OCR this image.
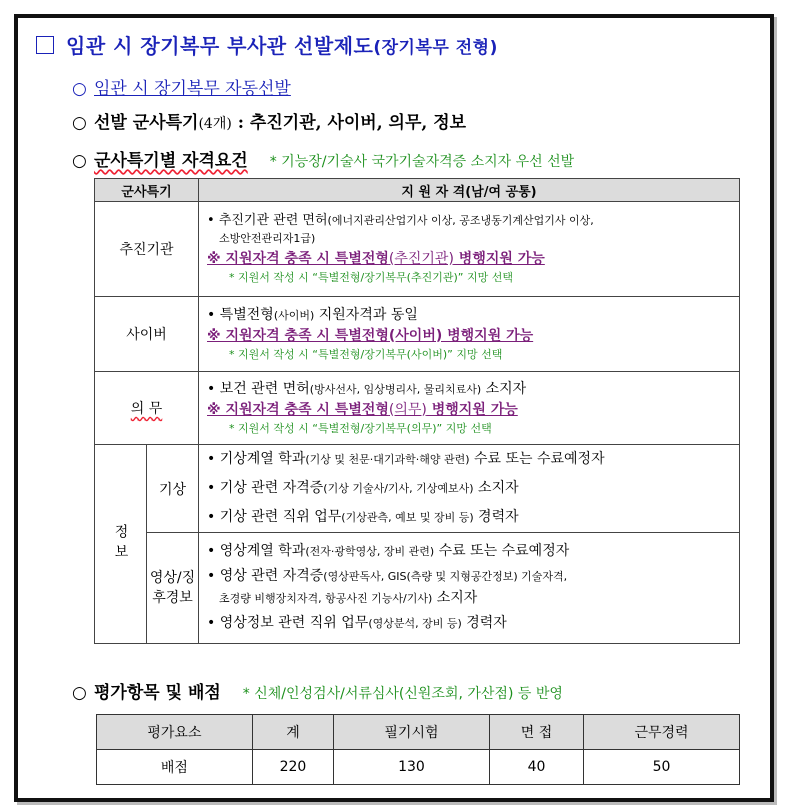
임관 시 장기복무 부사관 선발제도(장기복무 전형)
○ 임관 시 장기복무 자동선발
○ 선발 군사특기(4개) : 추진기관, 사이버, 의무, 정보
○ 군사특기별 자격요건 * 기능장/기술사 국가기술자격증 소지자 우선 선발
군사특기		지 원 자 격(남/여 공통)
추진기관		• 추진기관 관련 면허(에너지관리산업기사 이상, 공조냉동기계산업기사 이상,
소방안전관리자1급)
※ 지원자격 충족 시 특별전형(추진기관) 병행지원 가능
* 지원서 작성 시 “특별전형/장기복무(추진기관)” 지망 선택

사이버		• 특별전형(사이버) 지원자격과 동일
※ 지원자격 충족 시 특별전형(사이버) 병행지원 가능
* 지원서 작성 시 “특별전형/장기복무(사이버)” 지망 선택

의 무		• 보건 관련 면허(방사선사, 임상병리사, 물리치료사) 소지자
※ 지원자격 충족 시 특별전형(의무) 병행지원 가능
* 지원서 작성 시 “특별전형/장기복무(의무)” 지망 선택

정보	기상	• 기상계열 학과(기상 및 천문·대기과학·해양 관련) 수료 또는 수료예정자
• 기상 관련 자격증(기상 기술사/기사, 기상예보사) 소지자
• 기상 관련 직위 업무(기상관측, 예보 및 장비 등) 경력자

	영상/징후경보	• 영상계열 학과(전자·광학영상, 장비 관련) 수료 또는 수료예정자
• 영상 관련 자격증(영상판독사, GIS(측량 및 지형공간정보) 기술자격,
초경량 비행장치자격, 항공사진 기능사/기사) 소지자
• 영상정보 관련 직위 업무(영상분석, 장비 등) 경력자
○ 평가항목 및 배점 * 신체/인성검사/서류심사(신원조회, 가산점) 등 반영
평가요소	계	필기시험	면 접	근무경력
배점	220	130	40	50
